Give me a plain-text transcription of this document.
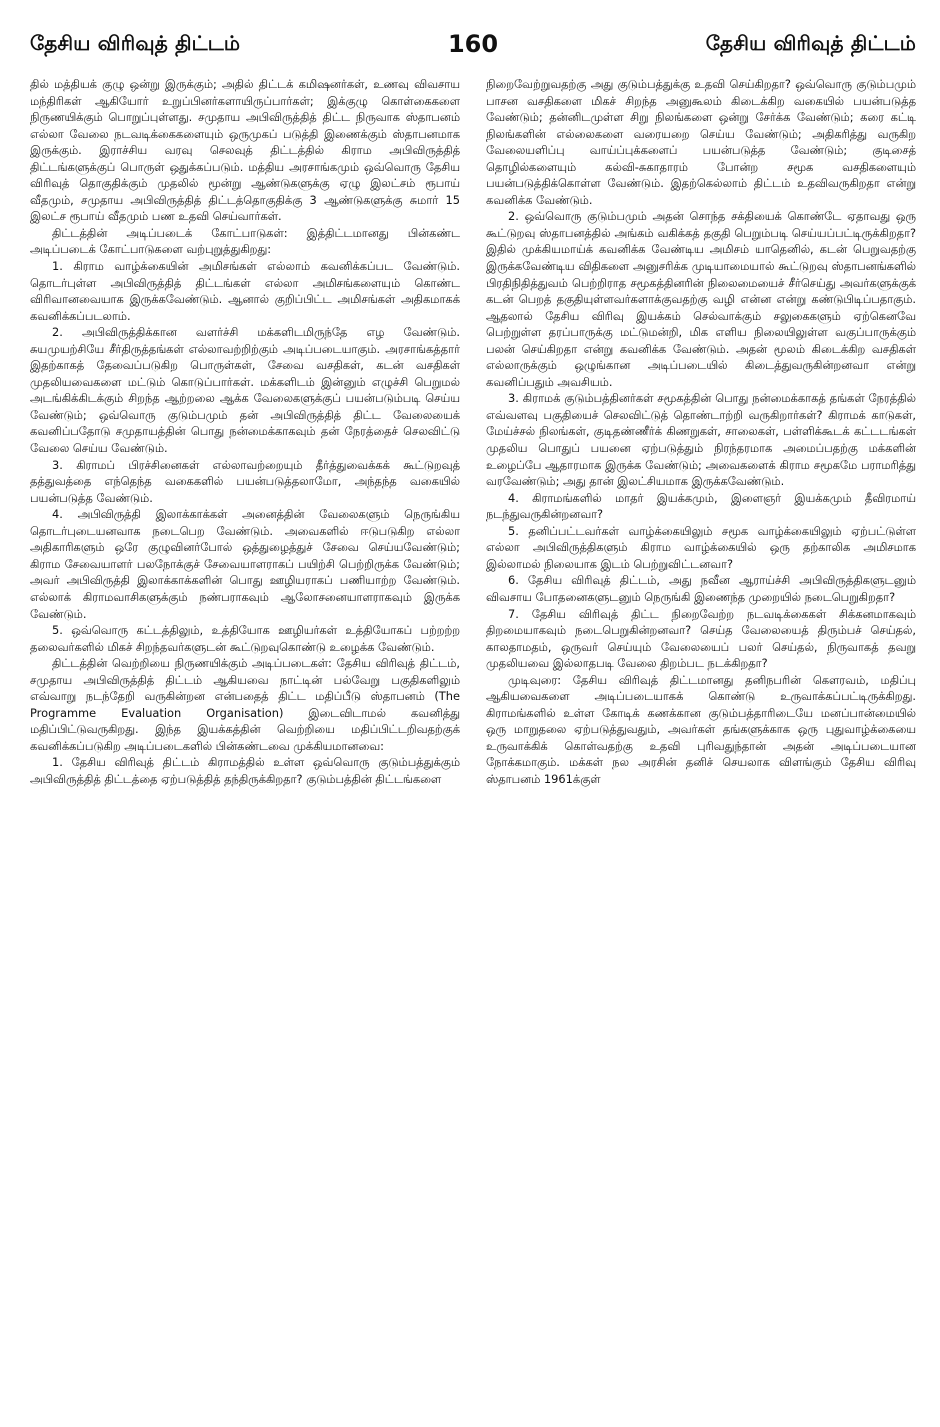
தேசிய விரிவுத் திட்டம்	160	தேசிய விரிவுத் திட்டம்

தில் மத்தியக் குழு ஒன்று இருக்கும்; அதில் திட்டக் கமிஷனர்கள், உணவு விவசாய மந்திரிகள் ஆகியோர் உறுப்பினர்களாயிருப்பார்கள்; இக்குழு கொள்கைகளை நிருணயிக்கும் பொறுப்புள்ளது. சமுதாய அபிவிருத்தித் திட்ட நிருவாக ஸ்தாபனம் எல்லா வேலை நடவடிக்கைகளையும் ஒருமுகப் படுத்தி இணைக்கும் ஸ்தாபனமாக இருக்கும். இராச்சிய வரவு செலவுத் திட்டத்தில் கிராம அபிவிருத்தித் திட்டங்களுக்குப் பொருள் ஒதுக்கப்படும். மத்திய அரசாங்கமும் ஒவ்வொரு தேசிய விரிவுத் தொகுதிக்கும் முதலில் மூன்று ஆண்டுகளுக்கு ஏழு இலட்சம் ரூபாய் வீதமும், சமுதாய அபிவிருத்தித் திட்டத்தொகுதிக்கு 3 ஆண்டுகளுக்கு சுமார் 15 இலட்ச ரூபாய் வீதமும் பண உதவி செய்வார்கள்.

திட்டத்தின் அடிப்படைக் கோட்பாடுகள்: இத்திட்டமானது பின்கண்ட அடிப்படைக் கோட்பாடுகளை வற்புறுத்துகிறது:

1. கிராம வாழ்க்கையின் அமிசங்கள் எல்லாம் கவனிக்கப்பட வேண்டும். தொடர்புள்ள அபிவிருத்தித் திட்டங்கள் எல்லா அமிசங்களையும் கொண்ட விரிவானவையாக இருக்கவேண்டும். ஆனால் குறிப்பிட்ட அமிசங்கள் அதிகமாகக் கவனிக்கப்படலாம்.

2. அபிவிருத்திக்கான வளர்ச்சி மக்களிடமிருந்தே எழ வேண்டும். சுயமுயற்சியே சீர்திருத்தங்கள் எல்லாவற்றிற்கும் அடிப்படையாகும். அரசாங்கத்தார் இதற்காகத் தேவைப்படுகிற பொருள்கள், சேவை வசதிகள், கடன் வசதிகள் முதலியவைகளை மட்டும் கொடுப்பார்கள். மக்களிடம் இன்னும் எழுச்சி பெறுமல் அடங்கிக்கிடக்கும் சிறந்த ஆற்றலை ஆக்க வேலைகளுக்குப் பயன்படும்படி செய்ய வேண்டும்; ஒவ்வொரு குடும்பமும் தன் அபிவிருத்தித் திட்ட வேலையைக் கவனிப்பதோடு சமுதாயத்தின் பொது நன்மைக்காகவும் தன் நேரத்தைச் செலவிட்டு வேலை செய்ய வேண்டும்.

3. கிராமப் பிரச்சினைகள் எல்லாவற்றையும் தீர்த்துவைக்கக் கூட்டுறவுத் தத்துவத்தை எந்தெந்த வகைகளில் பயன்படுத்தலாமோ, அந்தந்த வகையில் பயன்படுத்த வேண்டும்.

4. அபிவிருத்தி இலாக்காக்கள் அனைத்தின் வேலைகளும் நெருங்கிய தொடர்புடையனவாக நடைபெற வேண்டும். அவைகளில் ஈடுபடுகிற எல்லா அதிகாரிகளும் ஒரே குழுவினர்போல் ஒத்துழைத்துச் சேவை செய்யவேண்டும்; கிராம சேவையாளர் பலநோக்குச் சேவையாளராகப் பயிற்சி பெற்றிருக்க வேண்டும்; அவர் அபிவிருத்தி இலாக்காக்களின் பொது ஊழியராகப் பணியாற்ற வேண்டும். எல்லாக் கிராமவாசிகளுக்கும் நண்பராகவும் ஆலோசனையாளராகவும் இருக்க வேண்டும்.

5. ஒவ்வொரு கட்டத்திலும், உத்தியோக ஊழியர்கள் உத்தியோகப் பற்றற்ற தலைவர்களில் மிகச் சிறந்தவர்களுடன் கூட்டுறவுகொண்டு உழைக்க வேண்டும்.

திட்டத்தின் வெற்றியை நிருணயிக்கும் அடிப்படைகள்: தேசிய விரிவுத் திட்டம், சமுதாய அபிவிருத்தித் திட்டம் ஆகியவை நாட்டின் பல்வேறு பகுதிகளிலும் எவ்வாறு நடந்தேறி வருகின்றன என்பதைத் திட்ட மதிப்பீடு ஸ்தாபனம் (The Programme Evaluation Organisation) இடைவிடாமல் கவனித்து மதிப்பிட்டுவருகிறது. இந்த இயக்கத்தின் வெற்றியை மதிப்பிட்டறிவதற்குக் கவனிக்கப்படுகிற அடிப்படைகளில் பின்கண்டவை முக்கியமானவை:

1. தேசிய விரிவுத் திட்டம் கிராமத்தில் உள்ள ஒவ்வொரு குடும்பத்துக்கும் அபிவிருத்தித் திட்டத்தை ஏற்படுத்தித் தந்திருக்கிறதா? குடும்பத்தின் திட்டங்களை

நிறைவேற்றுவதற்கு அது குடும்பத்துக்கு உதவி செய்கிறதா? ஒவ்வொரு குடும்பமும் பாசன வசதிகளை மிகச் சிறந்த அனுகூலம் கிடைக்கிற வகையில் பயன்படுத்த வேண்டும்; தன்னிடமுள்ள சிறு நிலங்களை ஒன்று சேர்க்க வேண்டும்; கரை கட்டி நிலங்களின் எல்லைகளை வரையறை செய்ய வேண்டும்; அதிகரித்து வருகிற வேலையளிப்பு வாய்ப்புக்களைப் பயன்படுத்த வேண்டும்; குடிசைத் தொழில்களையும் கல்வி-சுகாதாரம் போன்ற சமூக வசதிகளையும் பயன்படுத்திக்கொள்ள வேண்டும். இதற்கெல்லாம் திட்டம் உதவிவருகிறதா என்று கவனிக்க வேண்டும்.

2. ஒவ்வொரு குடும்பமும் அதன் சொந்த சக்தியைக் கொண்டே ஏதாவது ஒரு கூட்டுறவு ஸ்தாபனத்தில் அங்கம் வகிக்கத் தகுதி பெறும்படி செய்யப்பட்டிருக்கிறதா? இதில் முக்கியமாய்க் கவனிக்க வேண்டிய அமிசம் யாதெனில், கடன் பெறுவதற்கு இருக்கவேண்டிய விதிகளை அனுசரிக்க முடியாமையால் கூட்டுறவு ஸ்தாபனங்களில் பிரதிநிதித்துவம் பெற்றிராத சமூகத்தினரின் நிலைமையைச் சீர்செய்து அவர்களுக்குக் கடன் பெறத் தகுதியுள்ளவர்களாக்குவதற்கு வழி என்ன என்று கண்டுபிடிப்பதாகும். ஆதலால் தேசிய விரிவு இயக்கம் செல்வாக்கும் சலுகைகளும் ஏற்கெனவே பெற்றுள்ள தரப்பாருக்கு மட்டுமன்றி, மிக எளிய நிலையிலுள்ள வகுப்பாருக்கும் பலன் செய்கிறதா என்று கவனிக்க வேண்டும். அதன் மூலம் கிடைக்கிற வசதிகள் எல்லாருக்கும் ஒழுங்கான அடிப்படையில் கிடைத்துவருகின்றனவா என்று கவனிப்பதும் அவசியம்.

3. கிராமக் குடும்பத்தினர்கள் சமூகத்தின் பொது நன்மைக்காகத் தங்கள் நேரத்தில் எவ்வளவு பகுதியைச் செலவிட்டுத் தொண்டாற்றி வருகிறார்கள்? கிராமக் காடுகள், மேய்ச்சல் நிலங்கள், குடிதண்ணீர்க் கிணறுகள், சாலைகள், பள்ளிக்கூடக் கட்டடங்கள் முதலிய பொதுப் பயனை ஏற்படுத்தும் நிரந்தரமாக அமைப்பதற்கு மக்களின் உழைப்பே ஆதாரமாக இருக்க வேண்டும்; அவைகளைக் கிராம சமூகமே பராமரித்து வரவேண்டும்; அது தான் இலட்சியமாக இருக்கவேண்டும்.

4. கிராமங்களில் மாதர் இயக்கமும், இளைஞர் இயக்கமும் தீவிரமாய் நடந்துவருகின்றனவா?

5. தனிப்பட்டவர்கள் வாழ்க்கையிலும் சமூக வாழ்க்கையிலும் ஏற்பட்டுள்ள எல்லா அபிவிருத்திகளும் கிராம வாழ்க்கையில் ஒரு தற்காலிக அமிசமாக இல்லாமல் நிலையாக இடம் பெற்றுவிட்டனவா?

6. தேசிய விரிவுத் திட்டம், அது நவீன ஆராய்ச்சி அபிவிருத்திகளுடனும் விவசாய போதனைகளுடனும் நெருங்கி இணைந்த முறையில் நடைபெறுகிறதா?

7. தேசிய விரிவுத் திட்ட நிறைவேற்ற நடவடிக்கைகள் சிக்கனமாகவும் திறமையாகவும் நடைபெறுகின்றனவா? செய்த வேலையைத் திரும்பச் செய்தல், காலதாமதம், ஒருவர் செய்யும் வேலையைப் பலர் செய்தல், நிருவாகத் தவறு முதலியவை இல்லாதபடி வேலை திறம்பட நடக்கிறதா?

முடிவுரை: தேசிய விரிவுத் திட்டமானது தனிநபரின் கௌரவம், மதிப்பு ஆகியவைகளை அடிப்படையாகக் கொண்டு உருவாக்கப்பட்டிருக்கிறது. கிராமங்களில் உள்ள கோடிக் கணக்கான குடும்பத்தாரிடையே மனப்பான்மையில் ஒரு மாறுதலை ஏற்படுத்துவதும், அவர்கள் தங்களுக்காக ஒரு புதுவாழ்க்கையை உருவாக்கிக் கொள்வதற்கு உதவி புரிவதுந்தான் அதன் அடிப்படையான நோக்கமாகும். மக்கள் நல அரசின் தனிச் செயலாக விளங்கும் தேசிய விரிவு ஸ்தாபனம் 1961க்குள்
